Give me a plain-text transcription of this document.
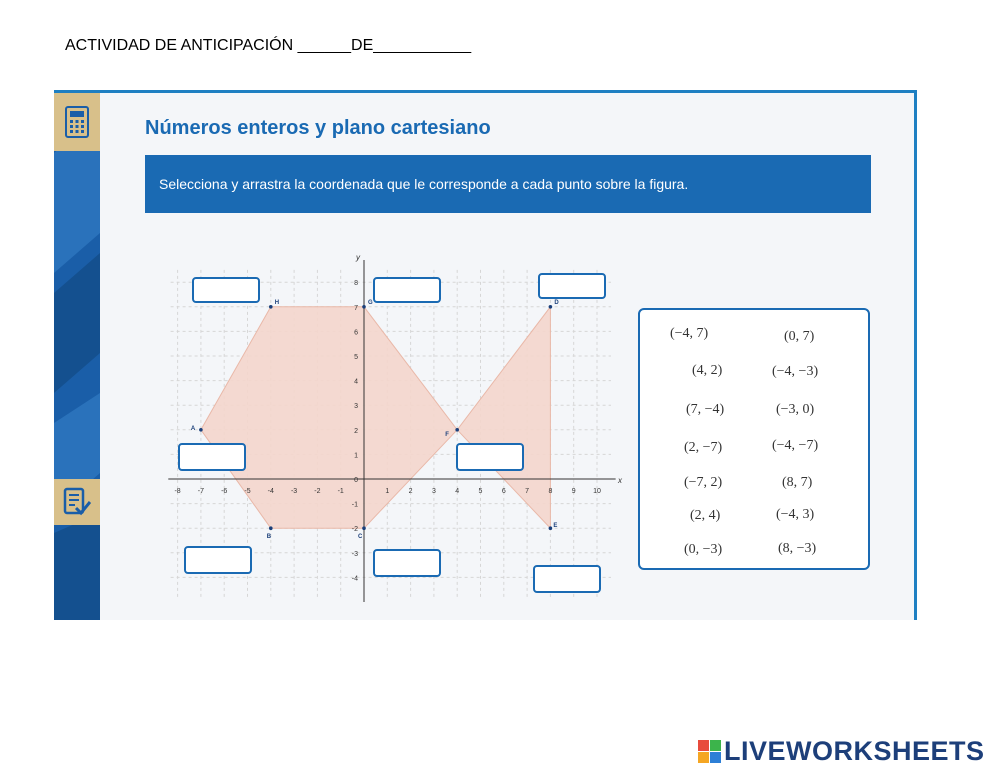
ACTIVIDAD DE ANTICIPACIÓN ______DE___________
Números enteros y plano cartesiano
Selecciona y arrastra la coordenada que le corresponde a cada punto sobre la figura.
-8 -7 -6 -5 -4 -3 -2 -1	1	2	3	4	5	6	7	8	9 10
8
7
6
5
4
3
2
1
0
-1
-2
-3
-4
x
y
A
H	G	D
F
B	C
E
(−4, 7)	(0, 7)
(4, 2)	(−4, −3)
(7, −4)	(−3, 0)
(2, −7)	(−4, −7)
(−7, 2)	(8, 7)
(2, 4)	(−4, 3)
(0, −3)	(8, −3)
LIVEWORKSHEETS
